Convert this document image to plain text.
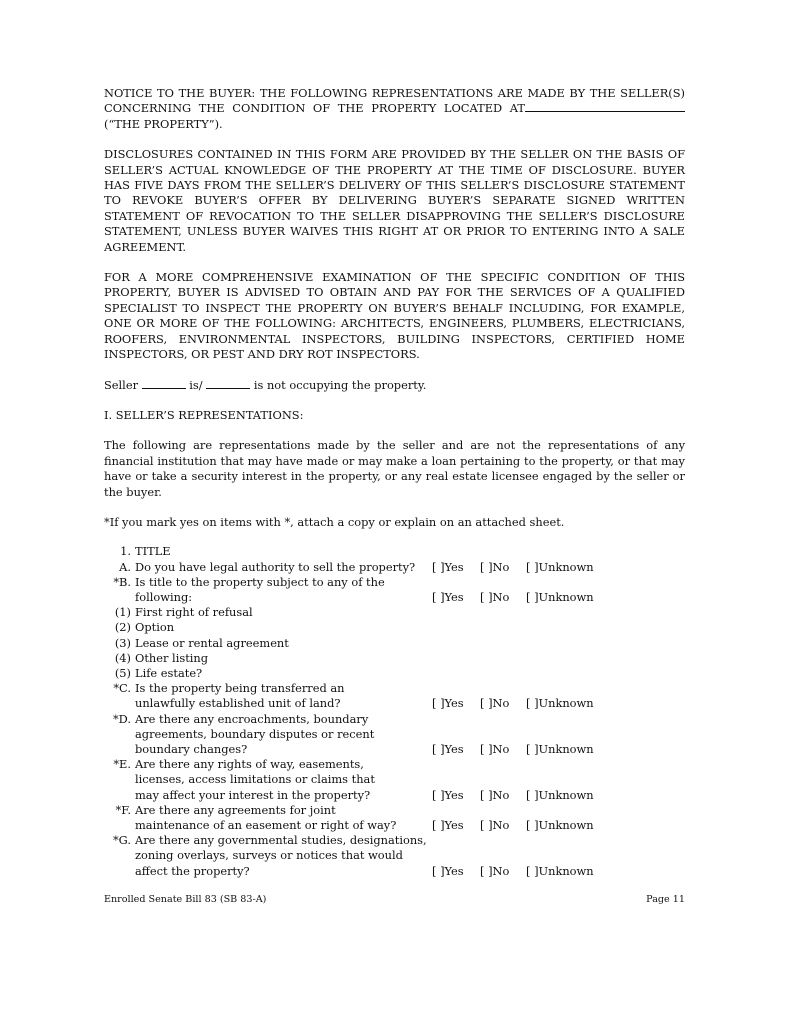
NOTICE TO THE BUYER: THE FOLLOWING REPRESENTATIONS ARE MADE BY THE SELLER(S) CONCERNING THE CONDITION OF THE PROPERTY LOCATED AT (“THE PROPERTY”).

DISCLOSURES CONTAINED IN THIS FORM ARE PROVIDED BY THE SELLER ON THE BASIS OF SELLER’S ACTUAL KNOWLEDGE OF THE PROPERTY AT THE TIME OF DISCLOSURE. BUYER HAS FIVE DAYS FROM THE SELLER’S DELIVERY OF THIS SELLER’S DISCLOSURE STATEMENT TO REVOKE BUYER’S OFFER BY DELIVERING BUYER’S SEPARATE SIGNED WRITTEN STATEMENT OF REVOCATION TO THE SELLER DISAPPROVING THE SELLER’S DISCLOSURE STATEMENT, UNLESS BUYER WAIVES THIS RIGHT AT OR PRIOR TO ENTERING INTO A SALE AGREEMENT.

FOR A MORE COMPREHENSIVE EXAMINATION OF THE SPECIFIC CONDITION OF THIS PROPERTY, BUYER IS ADVISED TO OBTAIN AND PAY FOR THE SERVICES OF A QUALIFIED SPECIALIST TO INSPECT THE PROPERTY ON BUYER’S BEHALF INCLUDING, FOR EXAMPLE, ONE OR MORE OF THE FOLLOWING: ARCHITECTS, ENGINEERS, PLUMBERS, ELECTRICIANS, ROOFERS, ENVIRONMENTAL INSPECTORS, BUILDING INSPECTORS, CERTIFIED HOME INSPECTORS, OR PEST AND DRY ROT INSPECTORS.

Seller	is/	is not occupying the property.

I. SELLER’S REPRESENTATIONS:

The following are representations made by the seller and are not the representations of any financial institution that may have made or may make a loan pertaining to the property, or that may have or take a security interest in the property, or any real estate licensee engaged by the seller or the buyer.

*If you mark yes on items with *, attach a copy or explain on an attached sheet.

1. TITLE
A. Do you have legal authority to sell the property?	[ ]Yes	[ ]No	[ ]Unknown
*B. Is title to the property subject to any of the
following:	[ ]Yes	[ ]No	[ ]Unknown
(1) First right of refusal
(2) Option
(3) Lease or rental agreement
(4) Other listing
(5) Life estate?
*C. Is the property being transferred an
unlawfully established unit of land?	[ ]Yes	[ ]No	[ ]Unknown
*D. Are there any encroachments, boundary
agreements, boundary disputes or recent
boundary changes?	[ ]Yes	[ ]No	[ ]Unknown
*E. Are there any rights of way, easements,
licenses, access limitations or claims that
may affect your interest in the property?	[ ]Yes	[ ]No	[ ]Unknown
*F. Are there any agreements for joint
maintenance of an easement or right of way?	[ ]Yes	[ ]No	[ ]Unknown
*G. Are there any governmental studies, designations,
zoning overlays, surveys or notices that would
affect the property?	[ ]Yes	[ ]No	[ ]Unknown
Enrolled Senate Bill 83 (SB 83-A)	Page 11
